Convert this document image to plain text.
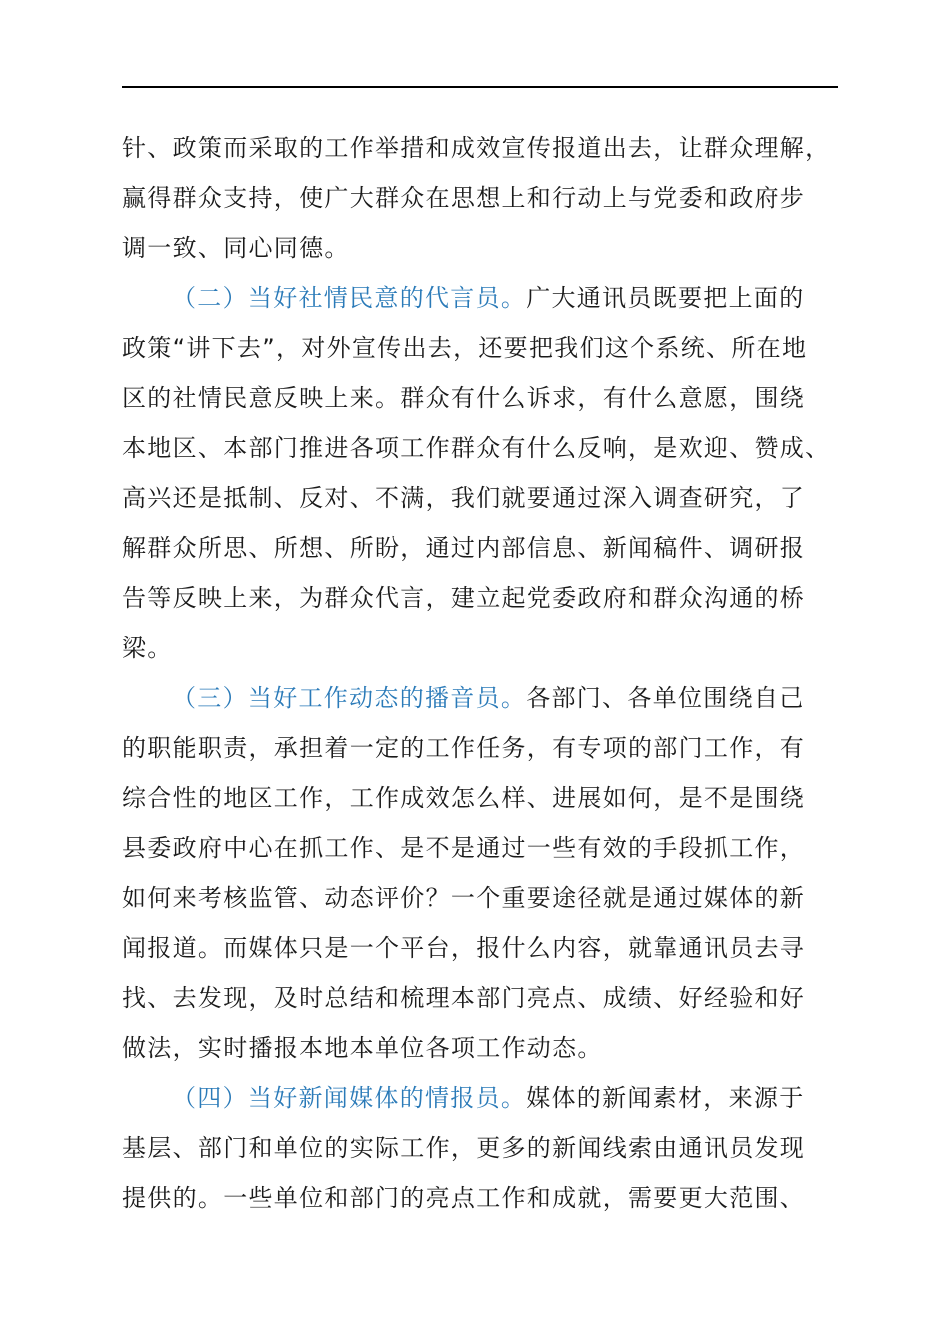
针、政策而采取的工作举措和成效宣传报道出去，让群众理解，
赢得群众支持，使广大群众在思想上和行动上与党委和政府步
调一致、同心同德。
（二）当好社情民意的代言员。广大通讯员既要把上面的
政策“讲下去”，对外宣传出去，还要把我们这个系统、所在地
区的社情民意反映上来。群众有什么诉求，有什么意愿，围绕
本地区、本部门推进各项工作群众有什么反响，是欢迎、赞成、
高兴还是抵制、反对、不满，我们就要通过深入调查研究，了
解群众所思、所想、所盼，通过内部信息、新闻稿件、调研报
告等反映上来，为群众代言，建立起党委政府和群众沟通的桥
梁。
（三）当好工作动态的播音员。各部门、各单位围绕自己
的职能职责，承担着一定的工作任务，有专项的部门工作，有
综合性的地区工作，工作成效怎么样、进展如何，是不是围绕
县委政府中心在抓工作、是不是通过一些有效的手段抓工作，
如何来考核监管、动态评价？一个重要途径就是通过媒体的新
闻报道。而媒体只是一个平台，报什么内容，就靠通讯员去寻
找、去发现，及时总结和梳理本部门亮点、成绩、好经验和好
做法，实时播报本地本单位各项工作动态。
（四）当好新闻媒体的情报员。媒体的新闻素材，来源于
基层、部门和单位的实际工作，更多的新闻线索由通讯员发现
提供的。一些单位和部门的亮点工作和成就，需要更大范围、
